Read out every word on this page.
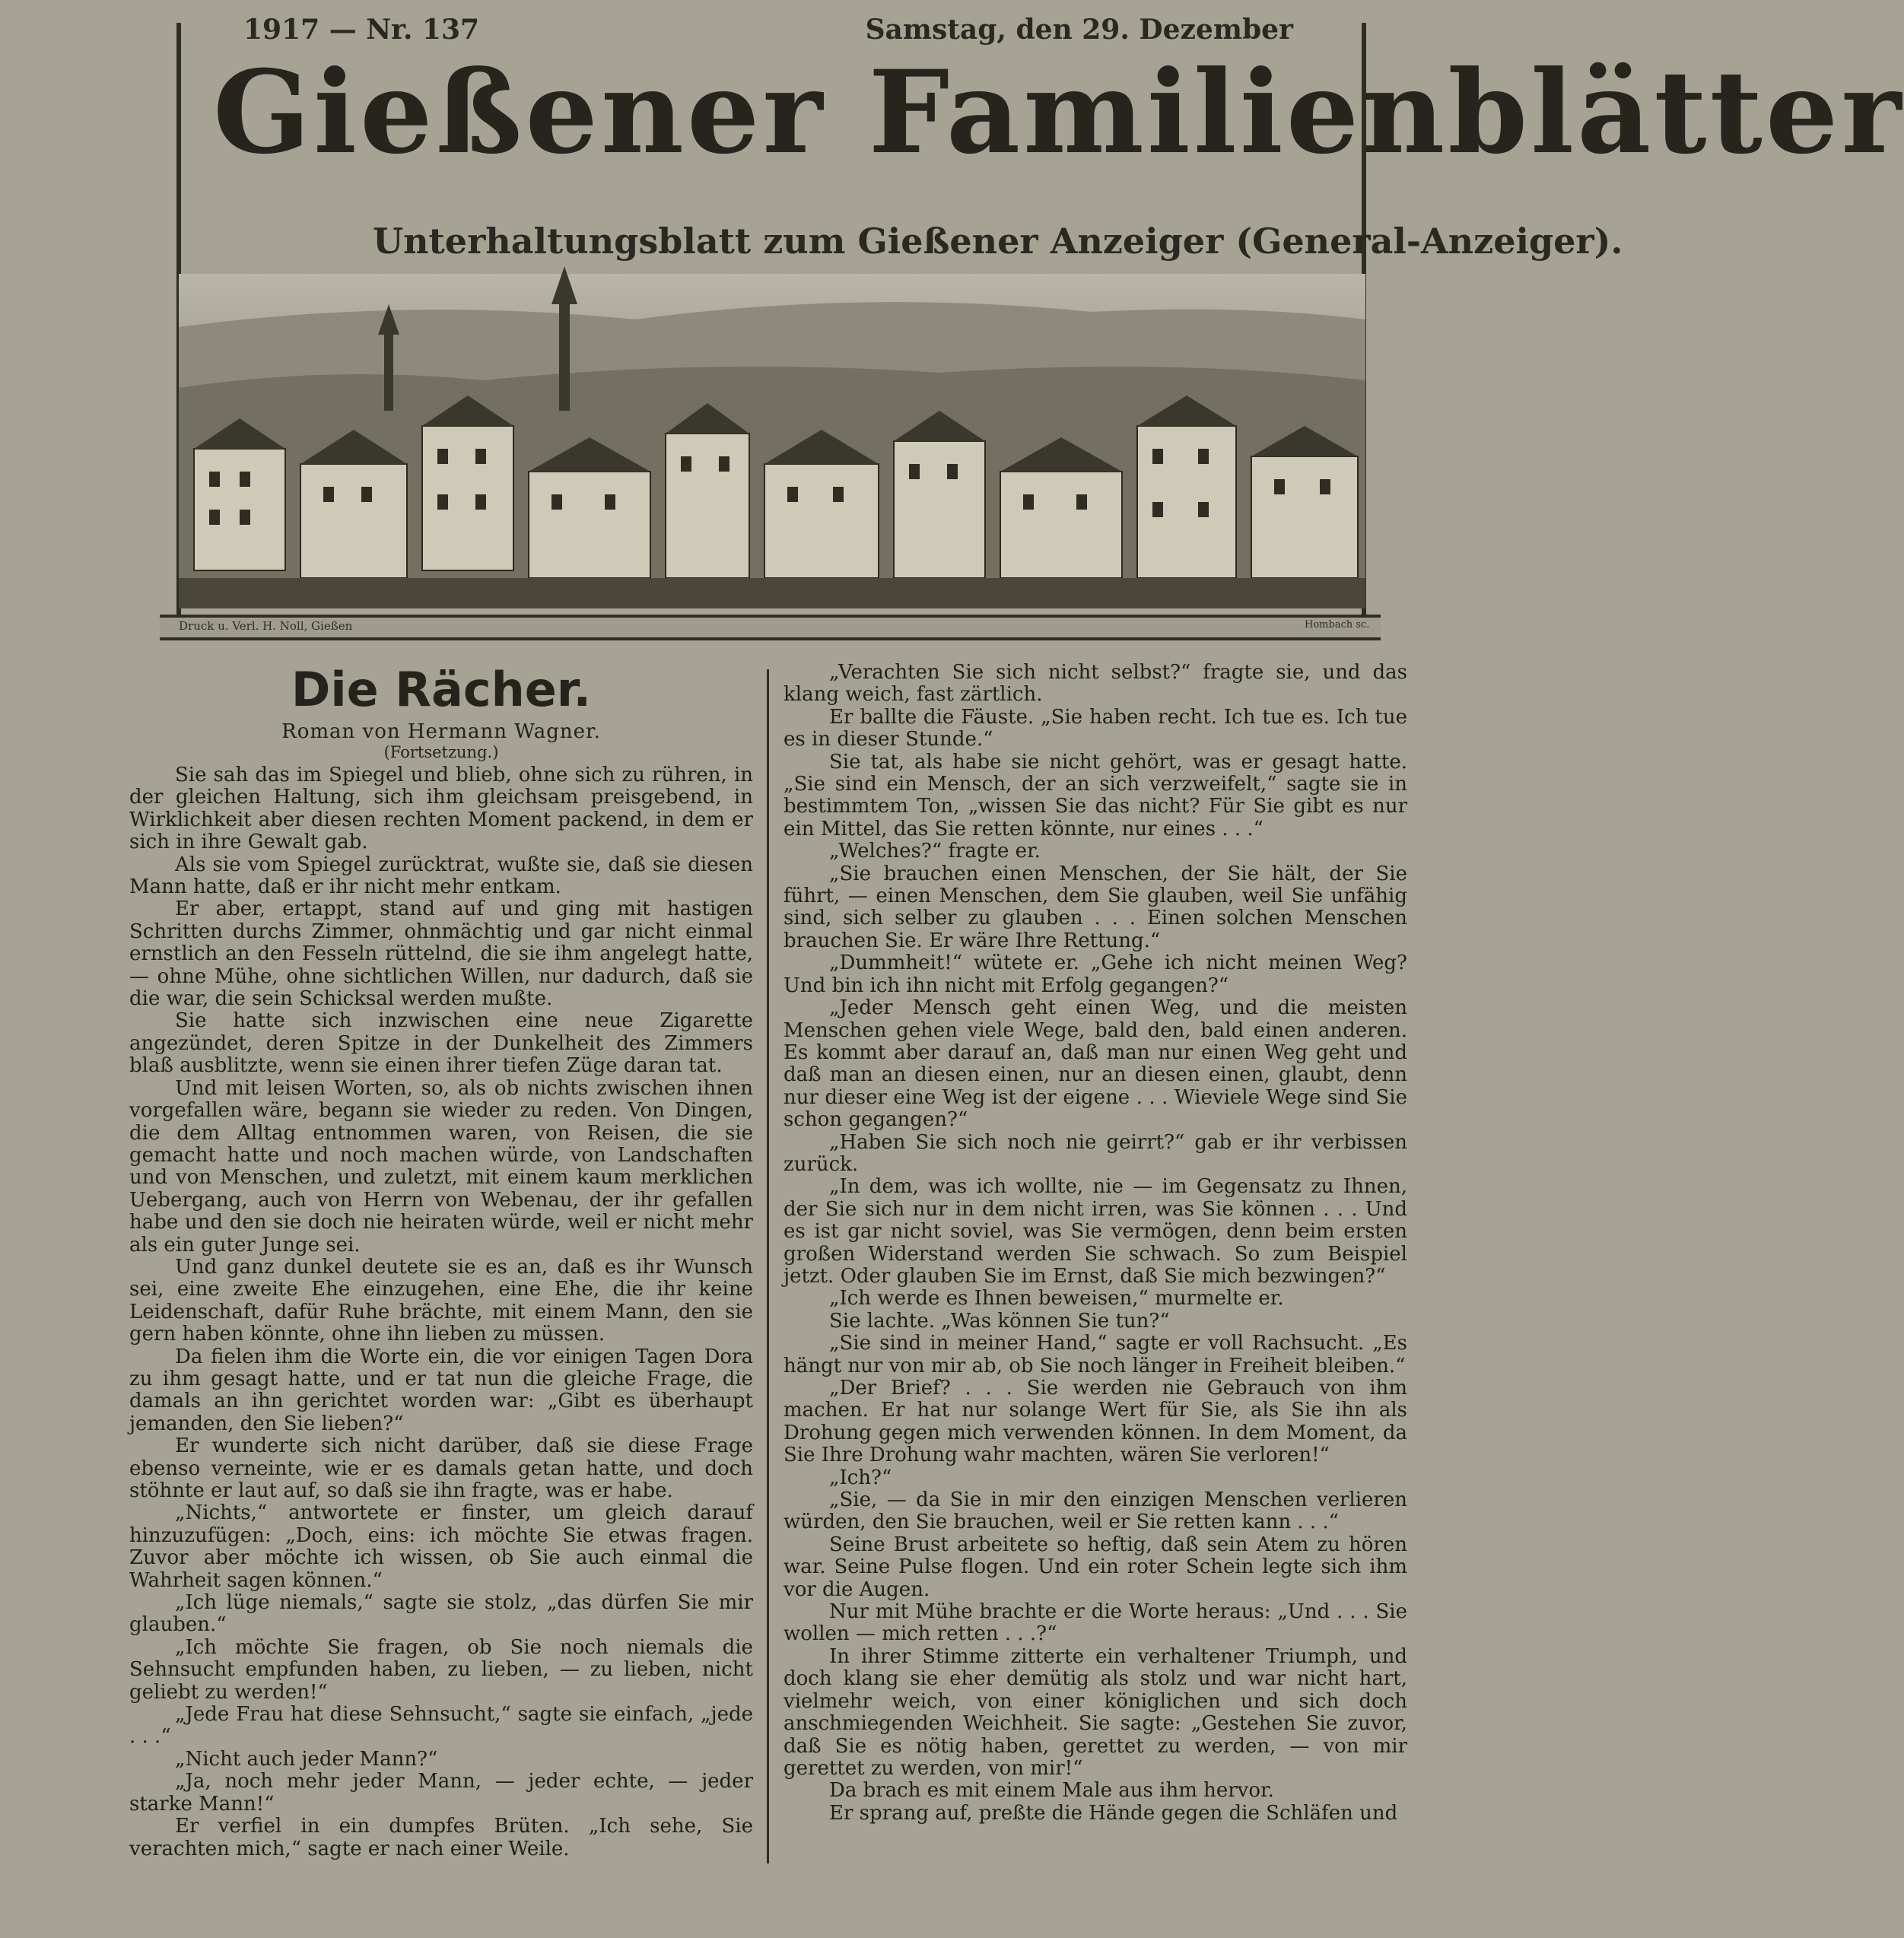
1917 — Nr. 137	Samstag, den 29. Dezember
Gießener Familienblätter
Unterhaltungsblatt zum Gießener Anzeiger (General-Anzeiger).
Druck u. Verl. H. Noll, Gießen	Hombach sc.
Die Rächer.

Roman von Hermann Wagner.

(Fortsetzung.)

Sie sah das im Spiegel und blieb, ohne sich zu rühren, in der gleichen Haltung, sich ihm gleichsam preisgebend, in Wirklichkeit aber diesen rechten Moment packend, in dem er sich in ihre Gewalt gab.

Als sie vom Spiegel zurücktrat, wußte sie, daß sie diesen Mann hatte, daß er ihr nicht mehr entkam.

Er aber, ertappt, stand auf und ging mit hastigen Schritten durchs Zimmer, ohnmächtig und gar nicht einmal ernstlich an den Fesseln rüttelnd, die sie ihm angelegt hatte, — ohne Mühe, ohne sichtlichen Willen, nur dadurch, daß sie die war, die sein Schicksal werden mußte.

Sie hatte sich inzwischen eine neue Zigarette angezündet, deren Spitze in der Dunkelheit des Zimmers blaß ausblitzte, wenn sie einen ihrer tiefen Züge daran tat.

Und mit leisen Worten, so, als ob nichts zwischen ihnen vorgefallen wäre, begann sie wieder zu reden. Von Dingen, die dem Alltag entnommen waren, von Reisen, die sie gemacht hatte und noch machen würde, von Landschaften und von Menschen, und zuletzt, mit einem kaum merklichen Uebergang, auch von Herrn von Webenau, der ihr gefallen habe und den sie doch nie heiraten würde, weil er nicht mehr als ein guter Junge sei.

Und ganz dunkel deutete sie es an, daß es ihr Wunsch sei, eine zweite Ehe einzugehen, eine Ehe, die ihr keine Leidenschaft, dafür Ruhe brächte, mit einem Mann, den sie gern haben könnte, ohne ihn lieben zu müssen.

Da fielen ihm die Worte ein, die vor einigen Tagen Dora zu ihm gesagt hatte, und er tat nun die gleiche Frage, die damals an ihn gerichtet worden war: „Gibt es überhaupt jemanden, den Sie lieben?“

Er wunderte sich nicht darüber, daß sie diese Frage ebenso verneinte, wie er es damals getan hatte, und doch stöhnte er laut auf, so daß sie ihn fragte, was er habe.

„Nichts,“ antwortete er finster, um gleich darauf hinzuzufügen: „Doch, eins: ich möchte Sie etwas fragen. Zuvor aber möchte ich wissen, ob Sie auch einmal die Wahrheit sagen können.“

„Ich lüge niemals,“ sagte sie stolz, „das dürfen Sie mir glauben.“

„Ich möchte Sie fragen, ob Sie noch niemals die Sehnsucht empfunden haben, zu lieben, — zu lieben, nicht geliebt zu werden!“

„Jede Frau hat diese Sehnsucht,“ sagte sie einfach, „jede . . .“

„Nicht auch jeder Mann?“

„Ja, noch mehr jeder Mann, — jeder echte, — jeder starke Mann!“

Er verfiel in ein dumpfes Brüten. „Ich sehe, Sie verachten mich,“ sagte er nach einer Weile.

„Verachten Sie sich nicht selbst?“ fragte sie, und das klang weich, fast zärtlich.

Er ballte die Fäuste. „Sie haben recht. Ich tue es. Ich tue es in dieser Stunde.“

Sie tat, als habe sie nicht gehört, was er gesagt hatte. „Sie sind ein Mensch, der an sich verzweifelt,“ sagte sie in bestimmtem Ton, „wissen Sie das nicht? Für Sie gibt es nur ein Mittel, das Sie retten könnte, nur eines . . .“

„Welches?“ fragte er.

„Sie brauchen einen Menschen, der Sie hält, der Sie führt, — einen Menschen, dem Sie glauben, weil Sie unfähig sind, sich selber zu glauben . . . Einen solchen Menschen brauchen Sie. Er wäre Ihre Rettung.“

„Dummheit!“ wütete er. „Gehe ich nicht meinen Weg? Und bin ich ihn nicht mit Erfolg gegangen?“

„Jeder Mensch geht einen Weg, und die meisten Menschen gehen viele Wege, bald den, bald einen anderen. Es kommt aber darauf an, daß man nur einen Weg geht und daß man an diesen einen, nur an diesen einen, glaubt, denn nur dieser eine Weg ist der eigene . . . Wieviele Wege sind Sie schon gegangen?“

„Haben Sie sich noch nie geirrt?“ gab er ihr verbissen zurück.

„In dem, was ich wollte, nie — im Gegensatz zu Ihnen, der Sie sich nur in dem nicht irren, was Sie können . . . Und es ist gar nicht soviel, was Sie vermögen, denn beim ersten großen Widerstand werden Sie schwach. So zum Beispiel jetzt. Oder glauben Sie im Ernst, daß Sie mich bezwingen?“

„Ich werde es Ihnen beweisen,“ murmelte er.

Sie lachte. „Was können Sie tun?“

„Sie sind in meiner Hand,“ sagte er voll Rachsucht. „Es hängt nur von mir ab, ob Sie noch länger in Freiheit bleiben.“

„Der Brief? . . . Sie werden nie Gebrauch von ihm machen. Er hat nur solange Wert für Sie, als Sie ihn als Drohung gegen mich verwenden können. In dem Moment, da Sie Ihre Drohung wahr machten, wären Sie verloren!“

„Ich?“

„Sie, — da Sie in mir den einzigen Menschen verlieren würden, den Sie brauchen, weil er Sie retten kann . . .“

Seine Brust arbeitete so heftig, daß sein Atem zu hören war. Seine Pulse flogen. Und ein roter Schein legte sich ihm vor die Augen.

Nur mit Mühe brachte er die Worte heraus: „Und . . . Sie wollen — mich retten . . .?“

In ihrer Stimme zitterte ein verhaltener Triumph, und doch klang sie eher demütig als stolz und war nicht hart, vielmehr weich, von einer königlichen und sich doch anschmiegenden Weichheit. Sie sagte: „Gestehen Sie zuvor, daß Sie es nötig haben, gerettet zu werden, — von mir gerettet zu werden, von mir!“

Da brach es mit einem Male aus ihm hervor.

Er sprang auf, preßte die Hände gegen die Schläfen und
